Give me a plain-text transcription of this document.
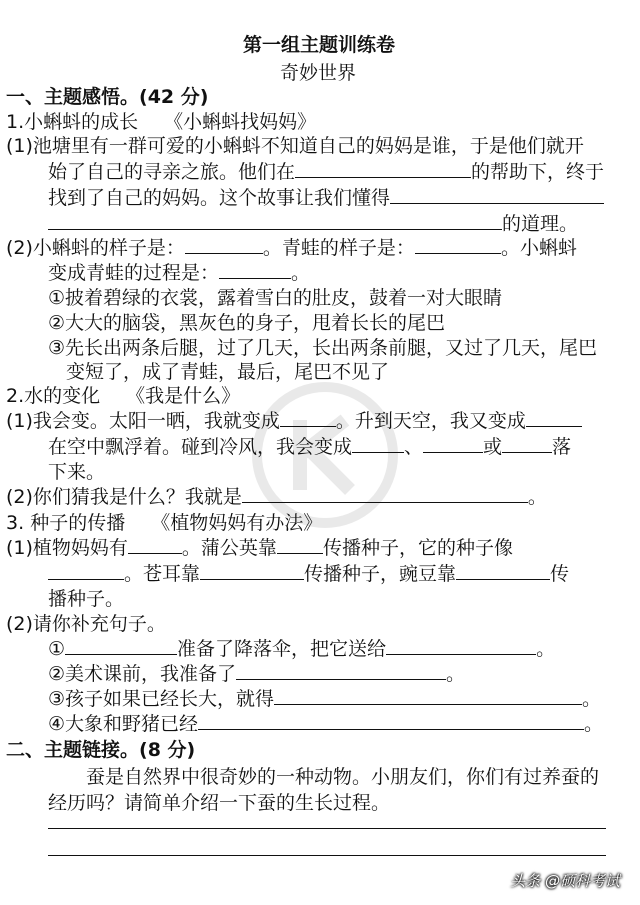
第一组主题训练卷
奇妙世界
一、主题感悟。(42 分)
1.小蝌蚪的成长 《小蝌蚪找妈妈》
(1)池塘里有一群可爱的小蝌蚪不知道自己的妈妈是谁，于是他们就开
始了自己的寻亲之旅。他们在	的帮助下，终于
找到了自己的妈妈。这个故事让我们懂得
的道理。
(2)小蝌蚪的样子是：	。青蛙的样子是：	。小蝌蚪
变成青蛙的过程是：	。
①披着碧绿的衣裳，露着雪白的肚皮，鼓着一对大眼睛
②大大的脑袋，黑灰色的身子，甩着长长的尾巴
③先长出两条后腿，过了几天，长出两条前腿，又过了几天，尾巴
变短了，成了青蛙，最后，尾巴不见了
2.水的变化 《我是什么》
(1)我会变。太阳一晒，我就变成	。升到天空，我又变成
在空中飘浮着。碰到冷风，我会变成	、	或	落
下来。
(2)你们猜我是什么？我就是	。
3. 种子的传播 《植物妈妈有办法》
(1)植物妈妈有	。蒲公英靠 传播种子，它的种子像
。苍耳靠	传播种子，豌豆靠	传
播种子。
(2)请你补充句子。
①	准备了降落伞，把它送给	。
②美术课前，我准备了	。
③孩子如果已经长大，就得	。
④大象和野猪已经	。
二、主题链接。(8 分)
蚕是自然界中很奇妙的一种动物。小朋友们，你们有过养蚕的
经历吗？请简单介绍一下蚕的生长过程。
头条 @硕科考试
